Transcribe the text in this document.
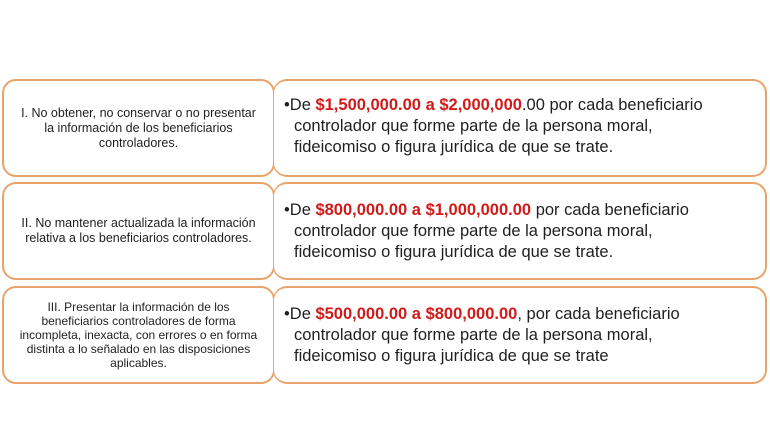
I. No obtener, no conservar o no presentar la información de los beneficiarios controladores.
•De $1,500,000.00 a $2,000,000.00 por cada beneficiario
controlador que forme parte de la persona moral,
fideicomiso o figura jurídica de que se trate.
II. No mantener actualizada la información relativa a los beneficiarios controladores.
•De $800,000.00 a $1,000,000.00 por cada beneficiario
controlador que forme parte de la persona moral,
fideicomiso o figura jurídica de que se trate.
III. Presentar la información de los beneficiarios controladores de forma incompleta, inexacta, con errores o en forma distinta a lo señalado en las disposiciones aplicables.
•De $500,000.00 a $800,000.00, por cada beneficiario
controlador que forme parte de la persona moral,
fideicomiso o figura jurídica de que se trate
